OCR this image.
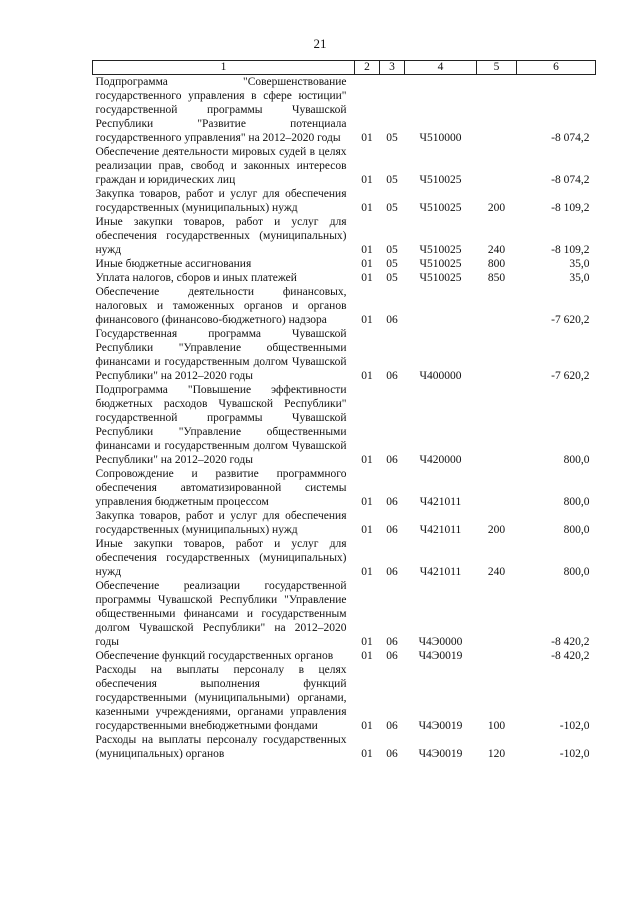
21
1	2	3	4	5	6
Подпрограмма "Совершенствование государственного управления в сфере юстиции" государственной программы Чувашской Республики "Развитие потенциала государственного управления" на 2012–2020 годы	01	05	Ч510000		-8 074,2
Обеспечение деятельности мировых судей в целях реализации прав, свобод и законных интересов граждан и юридических лиц	01	05	Ч510025		-8 074,2
Закупка товаров, работ и услуг для обеспечения государственных (муниципальных) нужд	01	05	Ч510025	200	-8 109,2
Иные закупки товаров, работ и услуг для обеспечения государственных (муниципальных) нужд	01	05	Ч510025	240	-8 109,2
Иные бюджетные ассигнования	01	05	Ч510025	800	35,0
Уплата налогов, сборов и иных платежей	01	05	Ч510025	850	35,0
Обеспечение деятельности финансовых, налоговых и таможенных органов и органов финансового (финансово-бюджетного) надзора	01	06			-7 620,2
Государственная программа Чувашской Республики "Управление общественными финансами и государственным долгом Чувашской Республики" на 2012–2020 годы	01	06	Ч400000		-7 620,2
Подпрограмма "Повышение эффективности бюджетных расходов Чувашской Республики" государственной программы Чувашской Республики "Управление общественными финансами и государственным долгом Чувашской Республики" на 2012–2020 годы	01	06	Ч420000		800,0
Сопровождение и развитие программного обеспечения автоматизированной системы управления бюджетным процессом	01	06	Ч421011		800,0
Закупка товаров, работ и услуг для обеспечения государственных (муниципальных) нужд	01	06	Ч421011	200	800,0
Иные закупки товаров, работ и услуг для обеспечения государственных (муниципальных) нужд	01	06	Ч421011	240	800,0
Обеспечение реализации государственной программы Чувашской Республики "Управление общественными финансами и государственным долгом Чувашской Республики" на 2012–2020 годы	01	06	Ч4Э0000		-8 420,2
Обеспечение функций государственных органов	01	06	Ч4Э0019		-8 420,2
Расходы на выплаты персоналу в целях обеспечения выполнения функций государственными (муниципальными) органами, казенными учреждениями, органами управления государственными внебюджетными фондами	01	06	Ч4Э0019	100	-102,0
Расходы на выплаты персоналу государственных (муниципальных) органов	01	06	Ч4Э0019	120	-102,0
